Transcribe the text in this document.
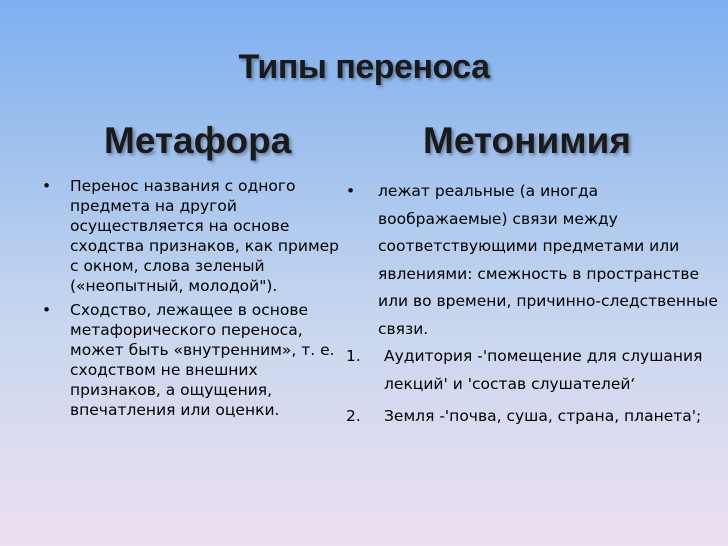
Типы переноса
Метафора	Метонимия
• Перенос названия с одного предмета на другой осуществляется на основе сходства признаков, как пример с окном, слова зеленый («неопытный, молодой").
• Сходство, лежащее в основе метафорического переноса, может быть «внутренним», т. е. сходством не внешних признаков, а ощущения, впечатления или оценки.
• лежат реальные (а иногда воображаемые) связи между соответствующими предметами или явлениями: смежность в пространстве или во времени, причинно-следственные связи.
1. Аудитория -'помещение для слушания лекций' и 'состав слушателей‘
2. Земля -'почва, суша, страна, планета';
